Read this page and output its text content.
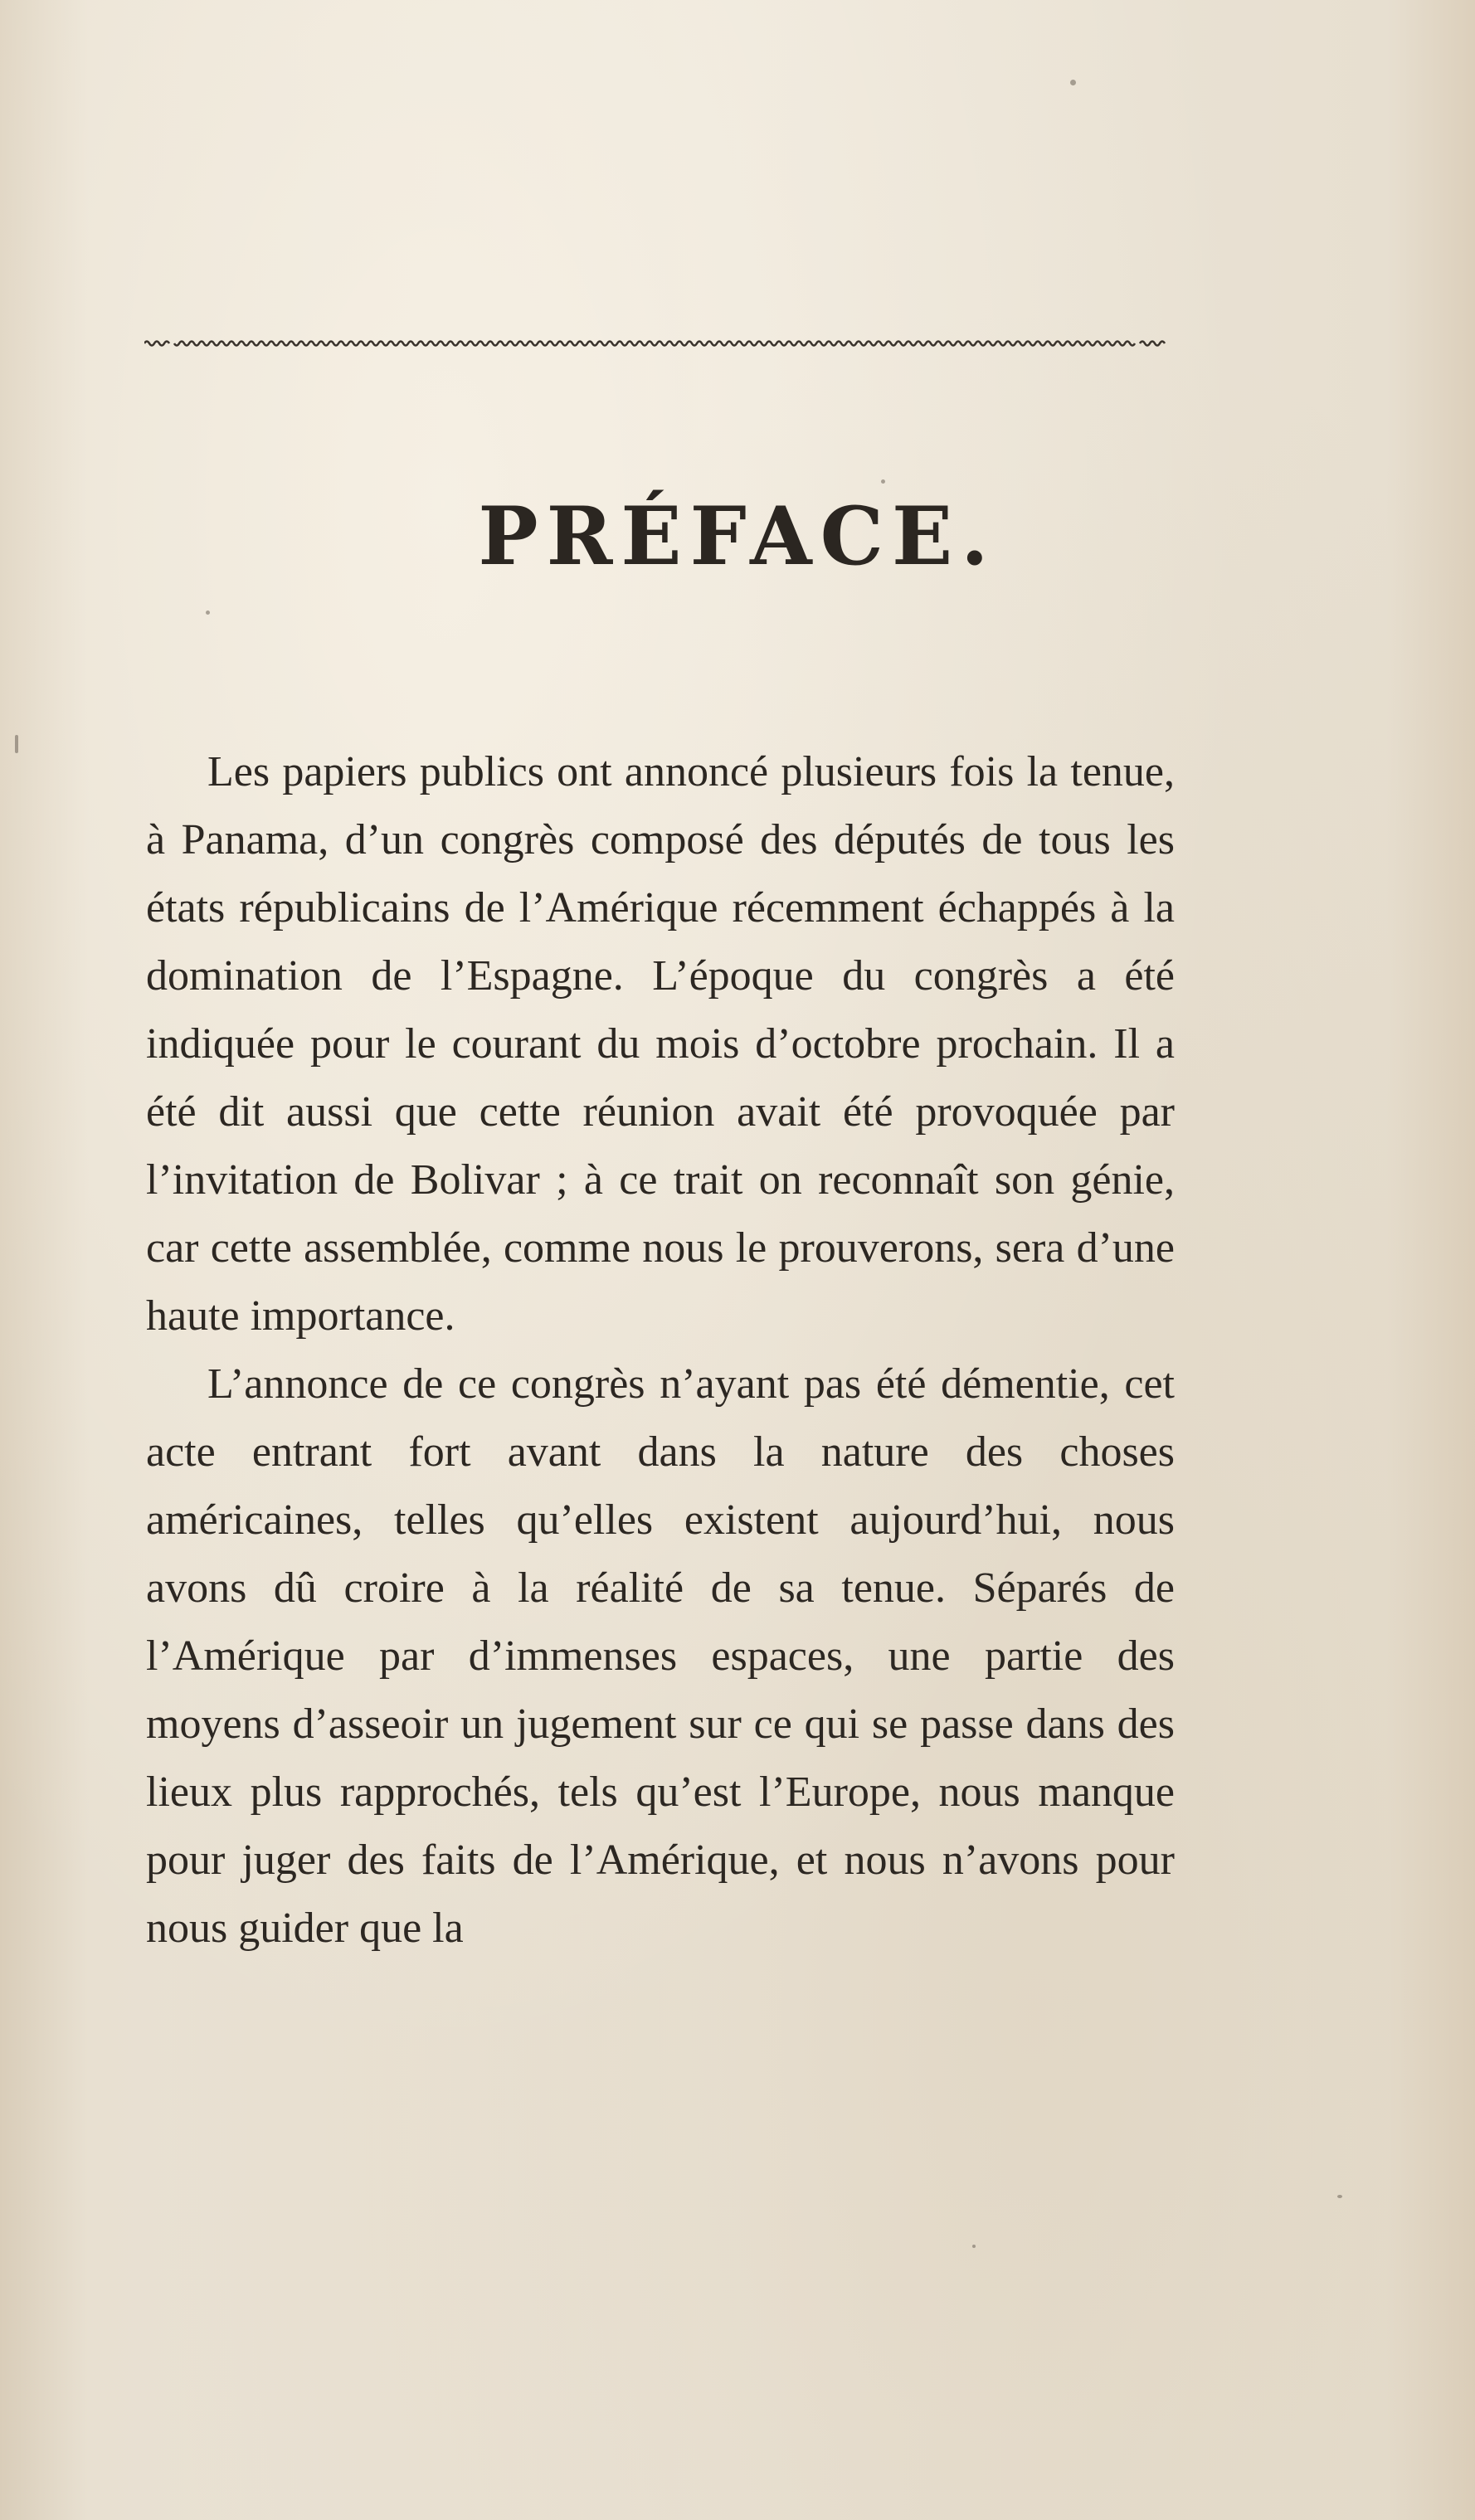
PRÉFACE.

Les papiers publics ont annoncé plusieurs fois la tenue, à Panama, d’un congrès composé des députés de tous les états républicains de l’Amérique récemment échappés à la domination de l’Espagne. L’époque du congrès a été indiquée pour le courant du mois d’octobre prochain. Il a été dit aussi que cette réunion avait été provoquée par l’invitation de Bolivar ; à ce trait on reconnaît son génie, car cette assemblée, comme nous le prouverons, sera d’une haute importance.

L’annonce de ce congrès n’ayant pas été démentie, cet acte entrant fort avant dans la nature des choses américaines, telles qu’elles existent aujourd’hui, nous avons dû croire à la réalité de sa tenue. Séparés de l’Amérique par d’immenses espaces, une partie des moyens d’asseoir un jugement sur ce qui se passe dans des lieux plus rapprochés, tels qu’est l’Europe, nous manque pour juger des faits de l’Amérique, et nous n’avons pour nous guider que la
